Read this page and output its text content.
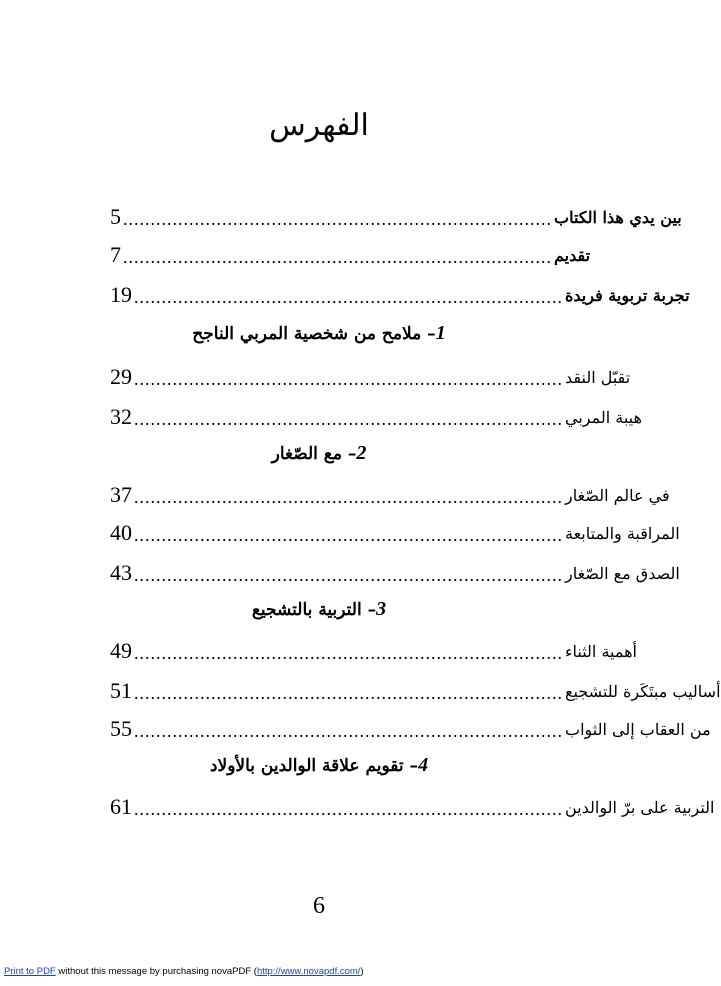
الفهرس
5 .............................................................................. بين يدي هذا الكتاب
7 .............................................................................. تقديم
19 .............................................................................. تجربة تربوية فريدة
1– ملامح من شخصية المربي الناجح
29 .............................................................................. تقبّل النقد
32 .............................................................................. هيبة المربي
2– مع الصّغار
37 .............................................................................. في عالم الصّغار
40 .............................................................................. المراقبة والمتابعة
43 .............................................................................. الصدق مع الصّغار
3– التربية بالتشجيع
49 .............................................................................. أهمية الثناء
51 .............................................................................. أساليب مبتَكَرة للتشجيع
55 .............................................................................. من العقاب إلى الثواب
4– تقويم علاقة الوالدين بالأولاد
61 .............................................................................. التربية على برّ الوالدين
6
Print to PDF without this message by purchasing novaPDF (http://www.novapdf.com/)
